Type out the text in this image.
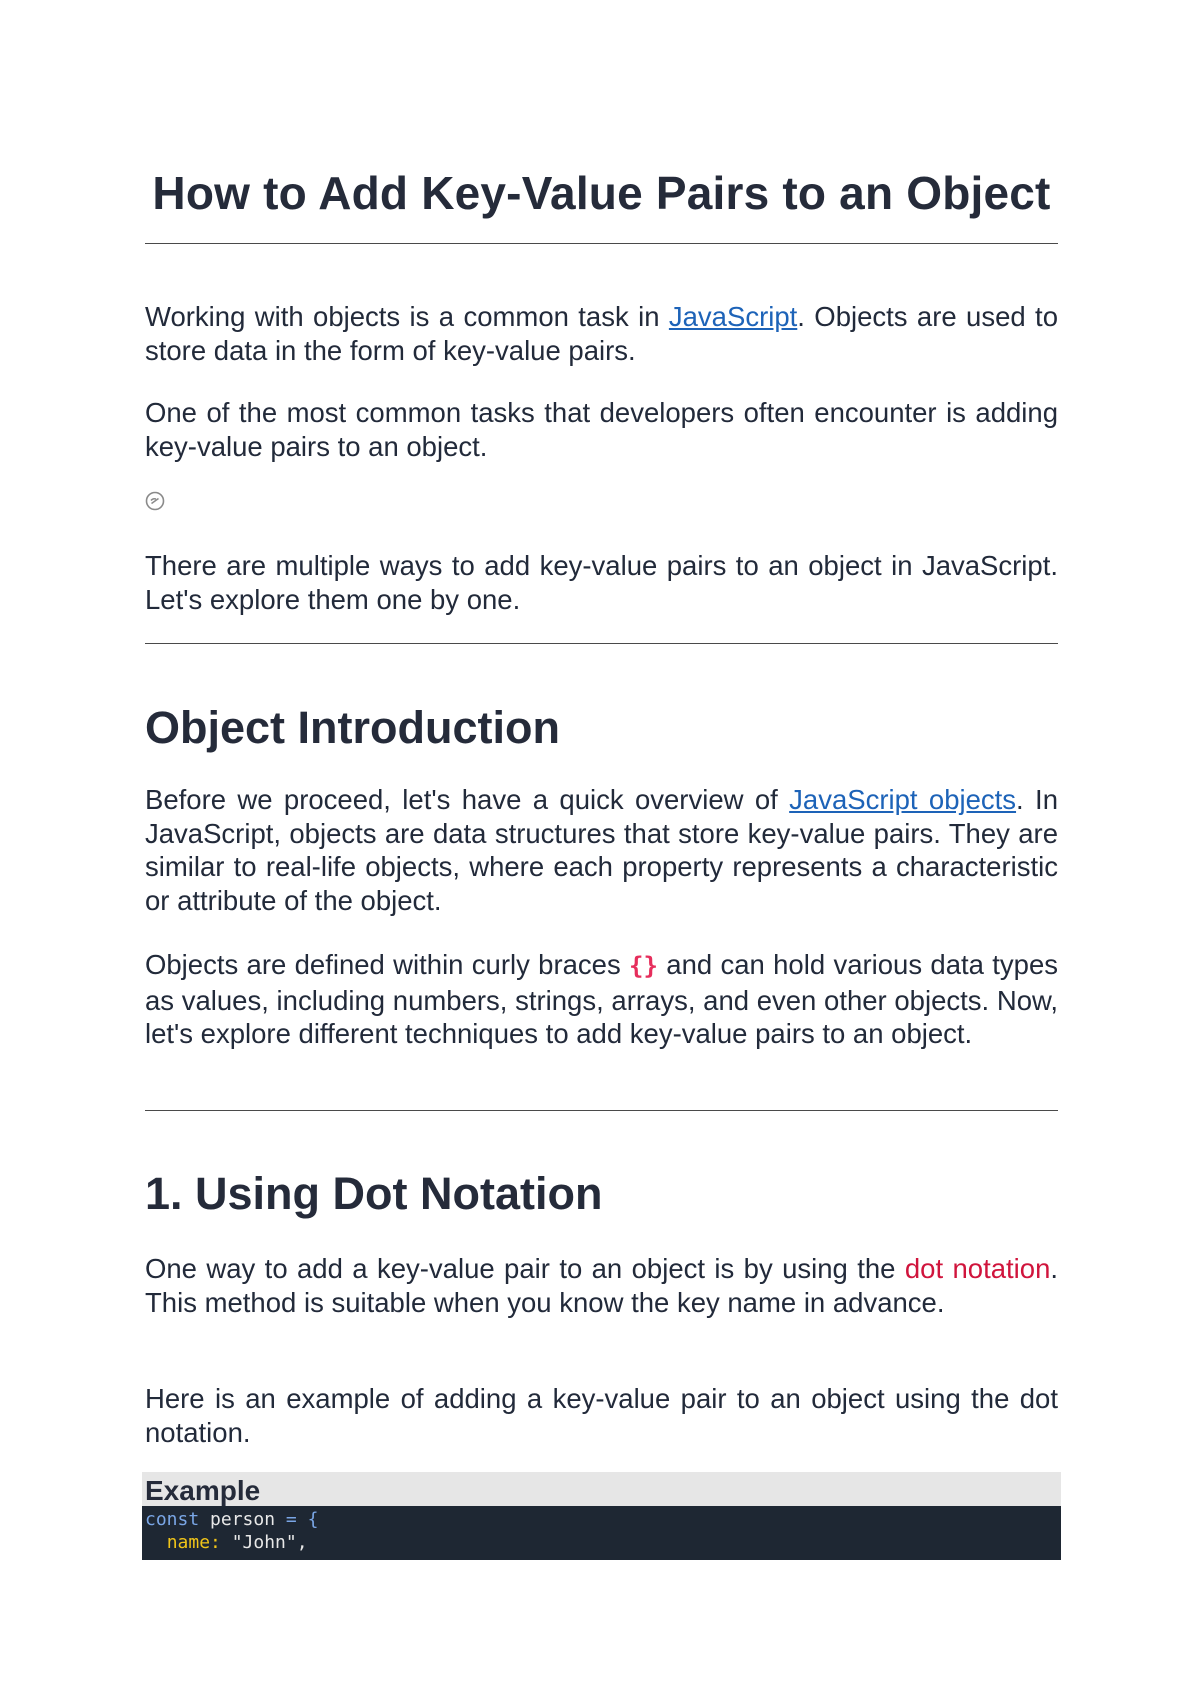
How to Add Key-Value Pairs to an Object

Working with objects is a common task in JavaScript. Objects are used to store data in the form of key-value pairs.

One of the most common tasks that developers often encounter is adding key-value pairs to an object.

There are multiple ways to add key-value pairs to an object in JavaScript. Let's explore them one by one.

Object Introduction

Before we proceed, let's have a quick overview of JavaScript objects. In JavaScript, objects are data structures that store key-value pairs. They are similar to real-life objects, where each property represents a characteristic or attribute of the object.

Objects are defined within curly braces {} and can hold various data types as values, including numbers, strings, arrays, and even other objects. Now, let's explore different techniques to add key-value pairs to an object.

1. Using Dot Notation

One way to add a key-value pair to an object is by using the dot notation. This method is suitable when you know the key name in advance.

Here is an example of adding a key-value pair to an object using the dot notation.

Example
const person = {
name: "John",
